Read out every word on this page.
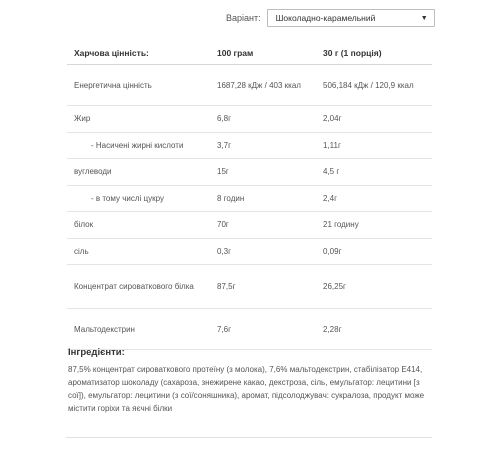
Варіант: Шоколадно-карамельний	▼
Харчова цінність:	100 грам	30 г (1 порція)
Енергетична цінність	1687,28 кДж / 403 ккал	506,184 кДж / 120,9 ккал
Жир	6,8г	2,04г
- Насичені жирні кислоти	3,7г	1,11г
вуглеводи	15г	4,5 г
- в тому числі цукру	8 годин	2,4г
білок	70г	21 годину
сіль	0,3г	0,09г
Концентрат сироваткового білка	87,5г	26,25г
Мальтодекстрин	7,6г	2,28г
Інгредієнти:
87,5% концентрат сироваткового протеїну (з молока), 7,6% мальтодекстрин, стабілізатор Е414, ароматизатор шоколаду (сахароза, знежирене какао, декстроза, сіль, емульгатор: лецитини [з сої]), емульгатор: лецитини (з сої/соняшника), аромат, підсолоджувач: сукралоза, продукт може містити горіхи та яєчні білки
